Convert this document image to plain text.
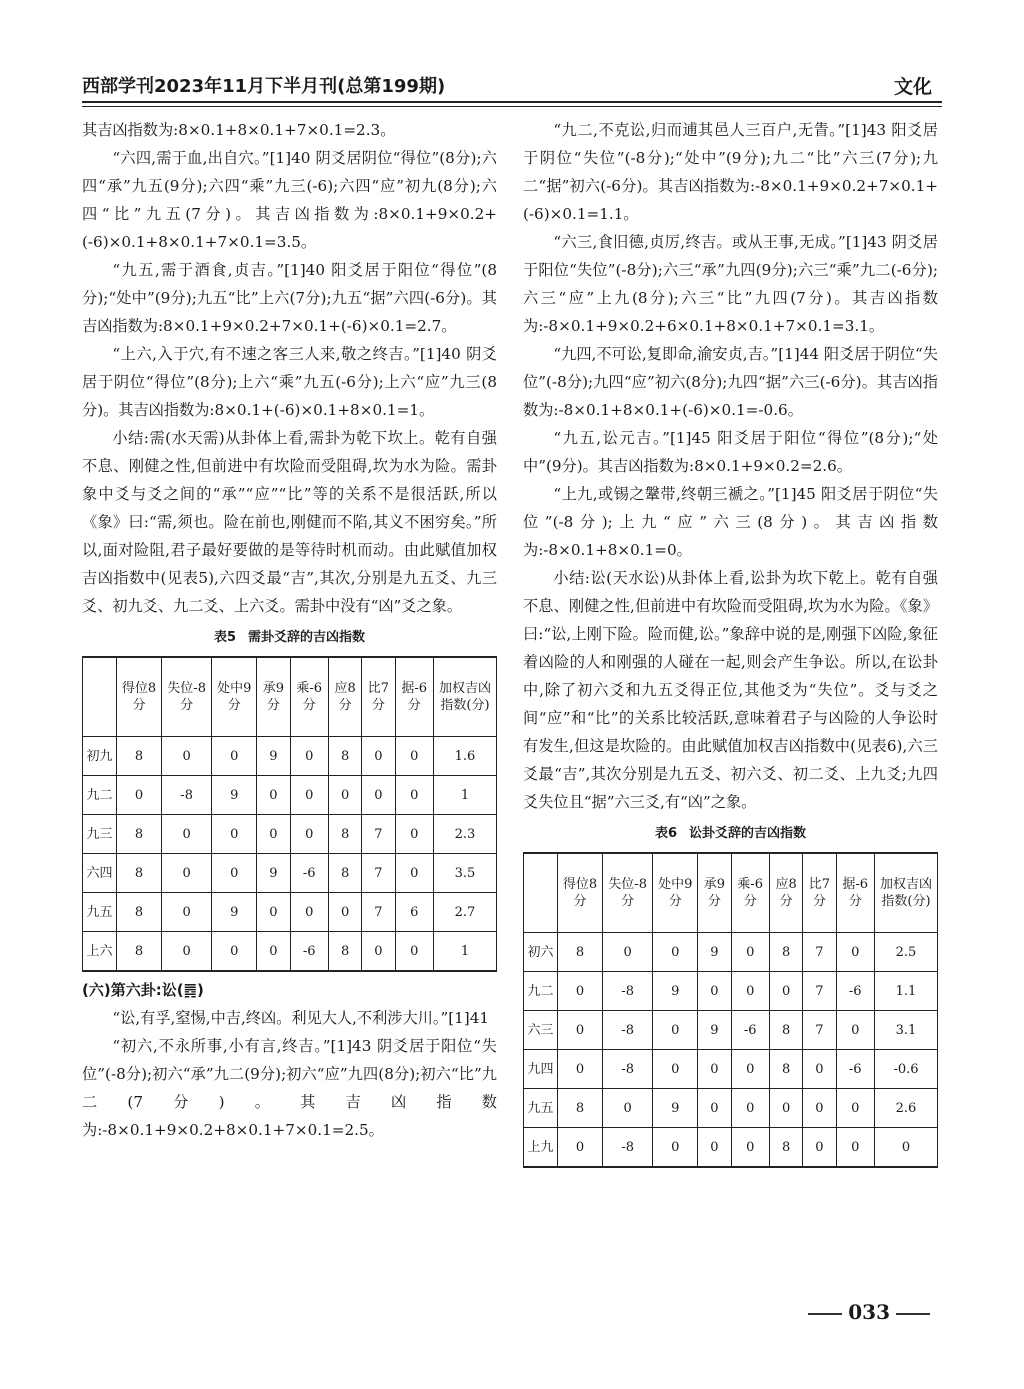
西部学刊2023年11月下半月刊(总第199期)	文化

其吉凶指数为:8×0.1+8×0.1+7×0.1=2.3。

“六四,需于血,出自穴。”[1]40 阴爻居阴位“得位”(8分);六四“承”九五(9分);六四“乘”九三(-6);六四“应”初九(8分);六四“比”九五(7分)。其吉凶指数为:8×0.1+9×0.2+(-6)×0.1+8×0.1+7×0.1=3.5。

“九五,需于酒食,贞吉。”[1]40 阳爻居于阳位“得位”(8分);“处中”(9分);九五“比”上六(7分);九五“据”六四(-6分)。其吉凶指数为:8×0.1+9×0.2+7×0.1+(-6)×0.1=2.7。

“上六,入于穴,有不速之客三人来,敬之终吉。”[1]40 阴爻居于阴位“得位”(8分);上六“乘”九五(-6分);上六“应”九三(8分)。其吉凶指数为:8×0.1+(-6)×0.1+8×0.1=1。

小结:需(水天需)从卦体上看,需卦为乾下坎上。乾有自强不息、刚健之性,但前进中有坎险而受阻碍,坎为水为险。需卦象中爻与爻之间的“承”“应”“比”等的关系不是很活跃,所以《象》曰:“需,须也。险在前也,刚健而不陷,其义不困穷矣。”所以,面对险阻,君子最好要做的是等待时机而动。由此赋值加权吉凶指数中(见表5),六四爻最“吉”,其次,分别是九五爻、九三爻、初九爻、九二爻、上六爻。需卦中没有“凶”爻之象。

表5 需卦爻辞的吉凶指数
	得位8分	失位-8分	处中9分	承9分	乘-6分	应8分	比7分	据-6分	加权吉凶指数(分)
初九	8	0	0	9	0	8	0	0	1.6
九二	0	-8	9	0	0	0	0	0	1
九三	8	0	0	0	0	8	7	0	2.3
六四	8	0	0	9	-6	8	7	0	3.5
九五	8	0	9	0	0	0	7	6	2.7
上六	8	0	0	0	-6	8	0	0	1

(六)第六卦:讼(䷅)

“讼,有孚,窒惕,中吉,终凶。利见大人,不利涉大川。”[1]41

“初六,不永所事,小有言,终吉。”[1]43 阴爻居于阳位“失位”(-8分);初六“承”九二(9分);初六“应”九四(8分);初六“比”九二(7分)。其吉凶指数为:-8×0.1+9×0.2+8×0.1+7×0.1=2.5。

“九二,不克讼,归而逋其邑人三百户,无眚。”[1]43 阳爻居于阴位“失位”(-8分);“处中”(9分);九二“比”六三(7分);九二“据”初六(-6分)。其吉凶指数为:-8×0.1+9×0.2+7×0.1+(-6)×0.1=1.1。

“六三,食旧德,贞厉,终吉。或从王事,无成。”[1]43 阴爻居于阳位“失位”(-8分);六三“承”九四(9分);六三“乘”九二(-6分);六三“应”上九(8分);六三“比”九四(7分)。其吉凶指数为:-8×0.1+9×0.2+6×0.1+8×0.1+7×0.1=3.1。

“九四,不可讼,复即命,渝安贞,吉。”[1]44 阳爻居于阴位“失位”(-8分);九四“应”初六(8分);九四“据”六三(-6分)。其吉凶指数为:-8×0.1+8×0.1+(-6)×0.1=-0.6。

“九五,讼元吉。”[1]45 阳爻居于阳位“得位”(8分);“处中”(9分)。其吉凶指数为:8×0.1+9×0.2=2.6。

“上九,或锡之鞶带,终朝三褫之。”[1]45 阳爻居于阴位“失位”(-8分);上九“应”六三(8分)。其吉凶指数为:-8×0.1+8×0.1=0。

小结:讼(天水讼)从卦体上看,讼卦为坎下乾上。乾有自强不息、刚健之性,但前进中有坎险而受阻碍,坎为水为险。《象》曰:“讼,上刚下险。险而健,讼。”象辞中说的是,刚强下凶险,象征着凶险的人和刚强的人碰在一起,则会产生争讼。所以,在讼卦中,除了初六爻和九五爻得正位,其他爻为“失位”。爻与爻之间“应”和“比”的关系比较活跃,意味着君子与凶险的人争讼时有发生,但这是坎险的。由此赋值加权吉凶指数中(见表6),六三爻最“吉”,其次分别是九五爻、初六爻、初二爻、上九爻;九四爻失位且“据”六三爻,有“凶”之象。

表6 讼卦爻辞的吉凶指数
	得位8分	失位-8分	处中9分	承9分	乘-6分	应8分	比7分	据-6分	加权吉凶指数(分)
初六	8	0	0	9	0	8	7	0	2.5
九二	0	-8	9	0	0	0	7	-6	1.1
六三	0	-8	0	9	-6	8	7	0	3.1
九四	0	-8	0	0	0	8	0	-6	-0.6
九五	8	0	9	0	0	0	0	0	2.6
上九	0	-8	0	0	0	8	0	0	0
033
